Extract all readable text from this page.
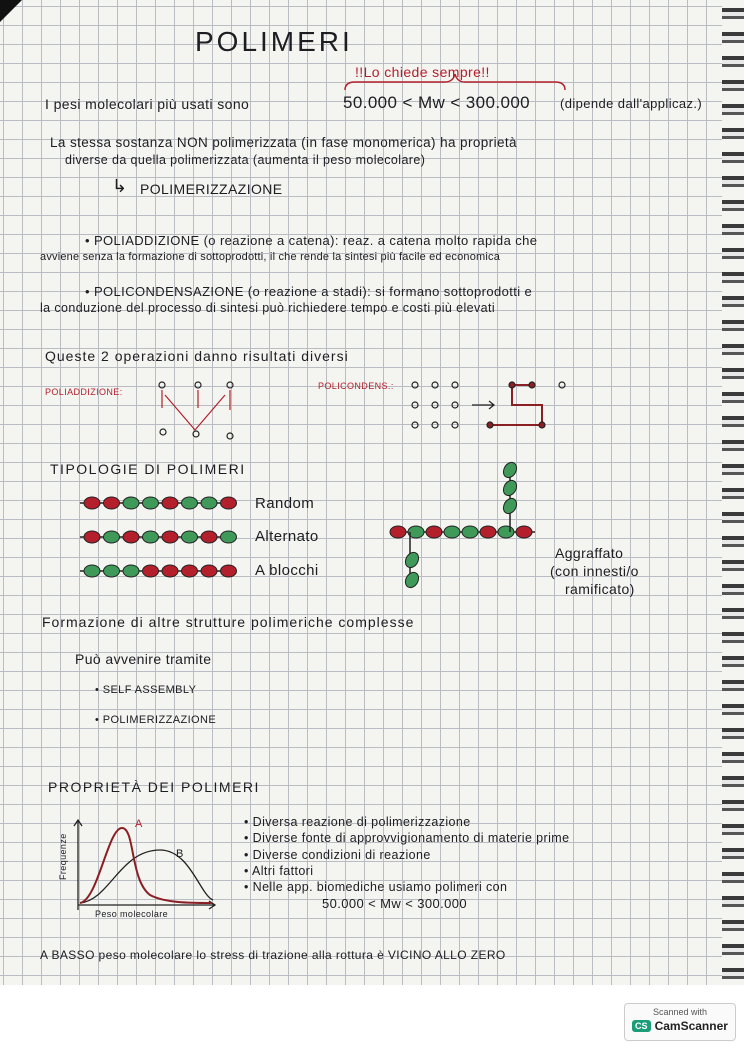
POLIMERI
!!Lo chiede sempre!!
I pesi molecolari più usati sono	50.000 < Mw < 300.000 (dipende dall'applicaz.)
La stessa sostanza NON polimerizzata (in fase monomerica) ha proprietà
diverse da quella polimerizzata (aumenta il peso molecolare)
↳ POLIMERIZZAZIONE
• POLIADDIZIONE (o reazione a catena): reaz. a catena molto rapida che
avviene senza la formazione di sottoprodotti, il che rende la sintesi più facile ed economica
• POLICONDENSAZIONE (o reazione a stadi): si formano sottoprodotti e
la conduzione del processo di sintesi può richiedere tempo e costi più elevati
Queste 2 operazioni danno risultati diversi
POLIADDIZIONE:
POLICONDENS.:
TIPOLOGIE DI POLIMERI
Random
Alternato
A blocchi
Aggraffato
(con innesti/o
ramificato)
Formazione di altre strutture polimeriche complesse
Può avvenire tramite
• SELF ASSEMBLY
• POLIMERIZZAZIONE
PROPRIETÀ DEI POLIMERI
• Diversa reazione di polimerizzazione
• Diverse fonte di approvvigionamento di materie prime
• Diverse condizioni di reazione
• Altri fattori
• Nelle app. biomediche usiamo polimeri con
50.000 < Mw < 300.000
A BASSO peso molecolare lo stress di trazione alla rottura è VICINO ALLO ZERO
Frequenze
Peso molecolare
A
B
Scanned with
CS CamScanner
